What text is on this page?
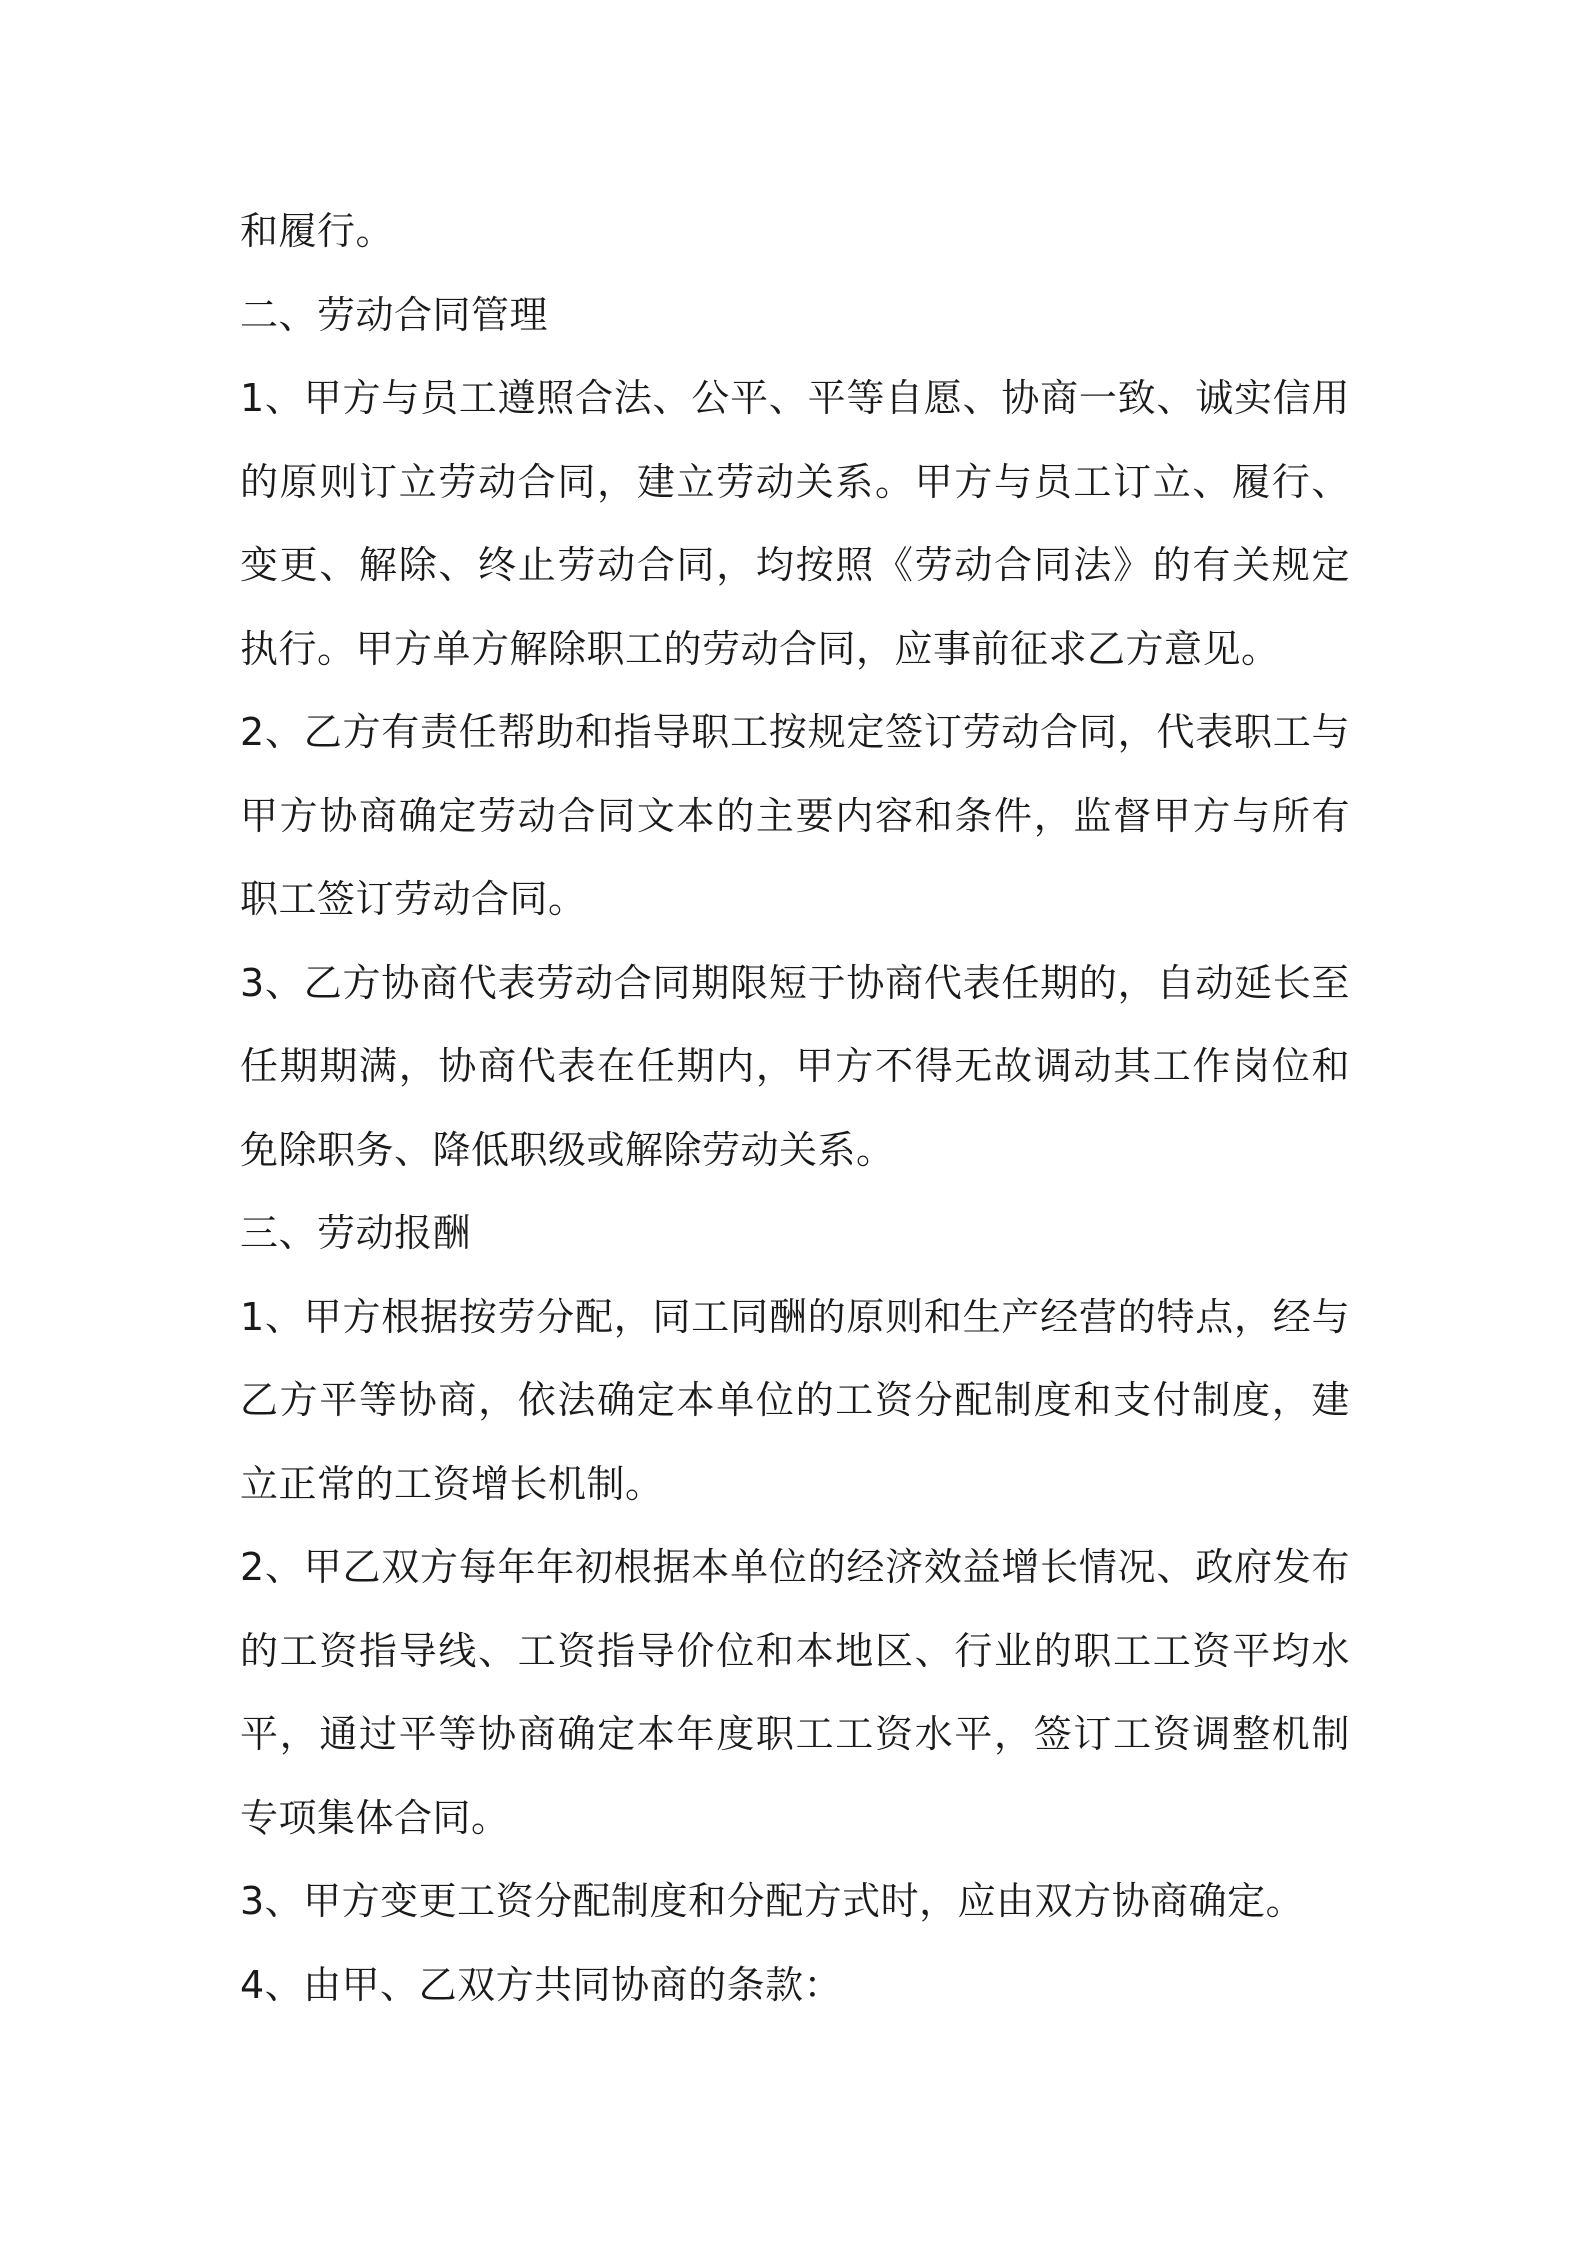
和履行。

二、劳动合同管理

1、甲方与员工遵照合法、公平、平等自愿、协商一致、诚实信用的原则订立劳动合同，建立劳动关系。甲方与员工订立、履行、变更、解除、终止劳动合同，均按照《劳动合同法》的有关规定执行。甲方单方解除职工的劳动合同，应事前征求乙方意见。

2、乙方有责任帮助和指导职工按规定签订劳动合同，代表职工与甲方协商确定劳动合同文本的主要内容和条件，监督甲方与所有职工签订劳动合同。

3、乙方协商代表劳动合同期限短于协商代表任期的，自动延长至任期期满，协商代表在任期内，甲方不得无故调动其工作岗位和免除职务、降低职级或解除劳动关系。

三、劳动报酬

1、甲方根据按劳分配，同工同酬的原则和生产经营的特点，经与乙方平等协商，依法确定本单位的工资分配制度和支付制度，建立正常的工资增长机制。

2、甲乙双方每年年初根据本单位的经济效益增长情况、政府发布的工资指导线、工资指导价位和本地区、行业的职工工资平均水平，通过平等协商确定本年度职工工资水平，签订工资调整机制专项集体合同。

3、甲方变更工资分配制度和分配方式时，应由双方协商确定。

4、由甲、乙双方共同协商的条款：
